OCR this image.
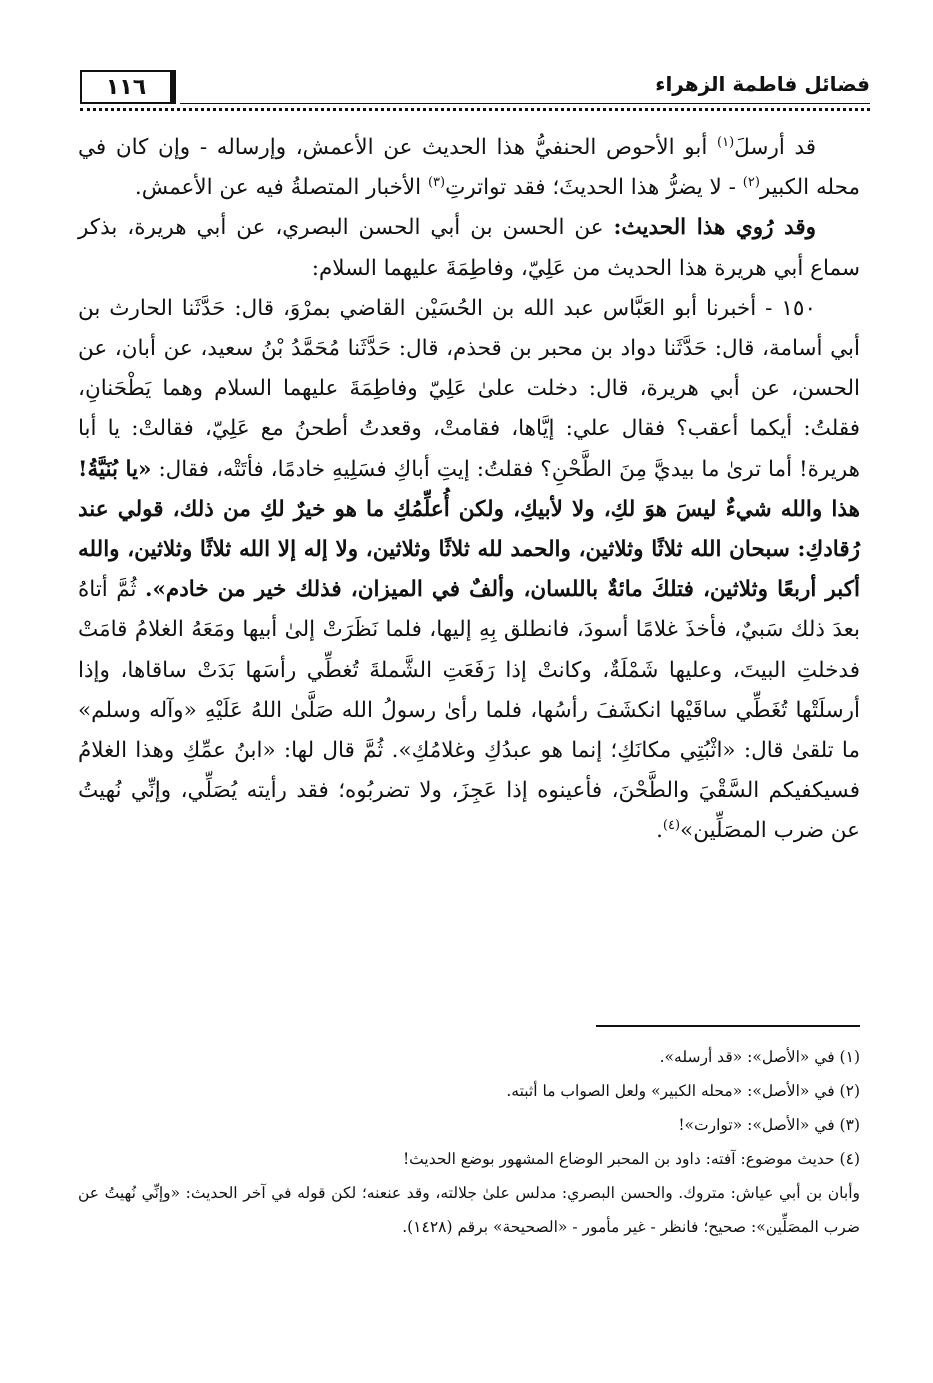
١١٦	فضائل فاطمة الزهراء

قد أرسلَ$^{(١)}$ أبو الأحوص الحنفيُّ هذا الحديث عن الأعمش، وإرساله - وإن كان في محله الكبير$^{(٢)}$ - لا يضرُّ هذا الحديثَ؛ فقد تواترتِ$^{(٣)}$ الأخبار المتصلةُ فيه عن الأعمش.

وقد رُوي هذا الحديث: عن الحسن بن أبي الحسن البصري، عن أبي هريرة، بذكر سماع أبي هريرة هذا الحديث من عَلِيّ، وفاطِمَةَ عليهما السلام:

١٥٠ - أخبرنا أبو العَبَّاس عبد الله بن الحُسَيْن القاضي بمرْوَ، قال: حَدَّثَنا الحارث بن أبي أسامة، قال: حَدَّثَنا دواد بن محبر بن قحذم، قال: حَدَّثَنا مُحَمَّدُ بْنُ سعيد، عن أبان، عن الحسن، عن أبي هريرة، قال: دخلت علىٰ عَلِيّ وفاطِمَةَ عليهما السلام وهما يَطْحَنانِ، فقلتُ: أيكما أعقب؟ فقال علي: إيَّاها، فقامتْ، وقعدتُ أطحنُ مع عَلِيّ، فقالتْ: يا أبا هريرة! أما ترىٰ ما بيديَّ مِنَ الطَّحْنِ؟ فقلتُ: إيتِ أباكِ فسَلِيهِ خادمًا، فأتَتْه، فقال: «يا بُنَيَّةُ! هذا والله شيءٌ ليسَ هوَ لكِ، ولا لأبيكِ، ولكن أُعلِّمُكِ ما هو خيرٌ لكِ من ذلك، قولي عند رُقادكِ: سبحان الله ثلاثًا وثلاثين، والحمد لله ثلاثًا وثلاثين، ولا إله إلا الله ثلاثًا وثلاثين، والله أكبر أربعًا وثلاثين، فتلكَ مائةٌ باللسان، وألفٌ في الميزان، فذلك خير من خادم». ثُمَّ أتاهُ بعدَ ذلك سَبيٌ، فأخذَ غلامًا أسودَ، فانطلق بِهِ إليها، فلما نَظَرَتْ إلىٰ أبيها ومَعَهُ الغلامُ قامَتْ فدخلتِ البيتَ، وعليها شَمْلَةٌ، وكانتْ إذا رَفَعَتِ الشَّملةَ تُغطِّي رأسَها بَدَتْ ساقاها، وإذا أرسلَتْها تُغَطِّي ساقَيْها انكشَفَ رأسُها، فلما رأىٰ رسولُ الله صَلَّىٰ اللهُ عَلَيْهِ «وآله وسلم» ما تلقىٰ قال: «اثْبُتِي مكانَكِ؛ إنما هو عبدُكِ وغلامُكِ». ثُمَّ قال لها: «ابنُ عمِّكِ وهذا الغلامُ فسيكفيكم السَّقْيَ والطَّحْنَ، فأعينوه إذا عَجِزَ، ولا تضربُوه؛ فقد رأيته يُصَلِّي، وإنِّي نُهيتُ عن ضرب المصَلِّين»$^{(٤)}$.

(١) في «الأصل»: «قد أرسله».

(٢) في «الأصل»: «محله الكبير» ولعل الصواب ما أثبته.

(٣) في «الأصل»: «توارت»!

(٤) حديث موضوع: آفته: داود بن المحبر الوضاع المشهور بوضع الحديث!

وأبان بن أبي عياش: متروك. والحسن البصري: مدلس علىٰ جلالته، وقد عنعنه؛ لكن قوله في آخر الحديث: «وإنِّي نُهيتُ عن ضرب المصَلِّين»: صحيح؛ فانظر - غير مأمور - «الصحيحة» برقم (١٤٢٨).
